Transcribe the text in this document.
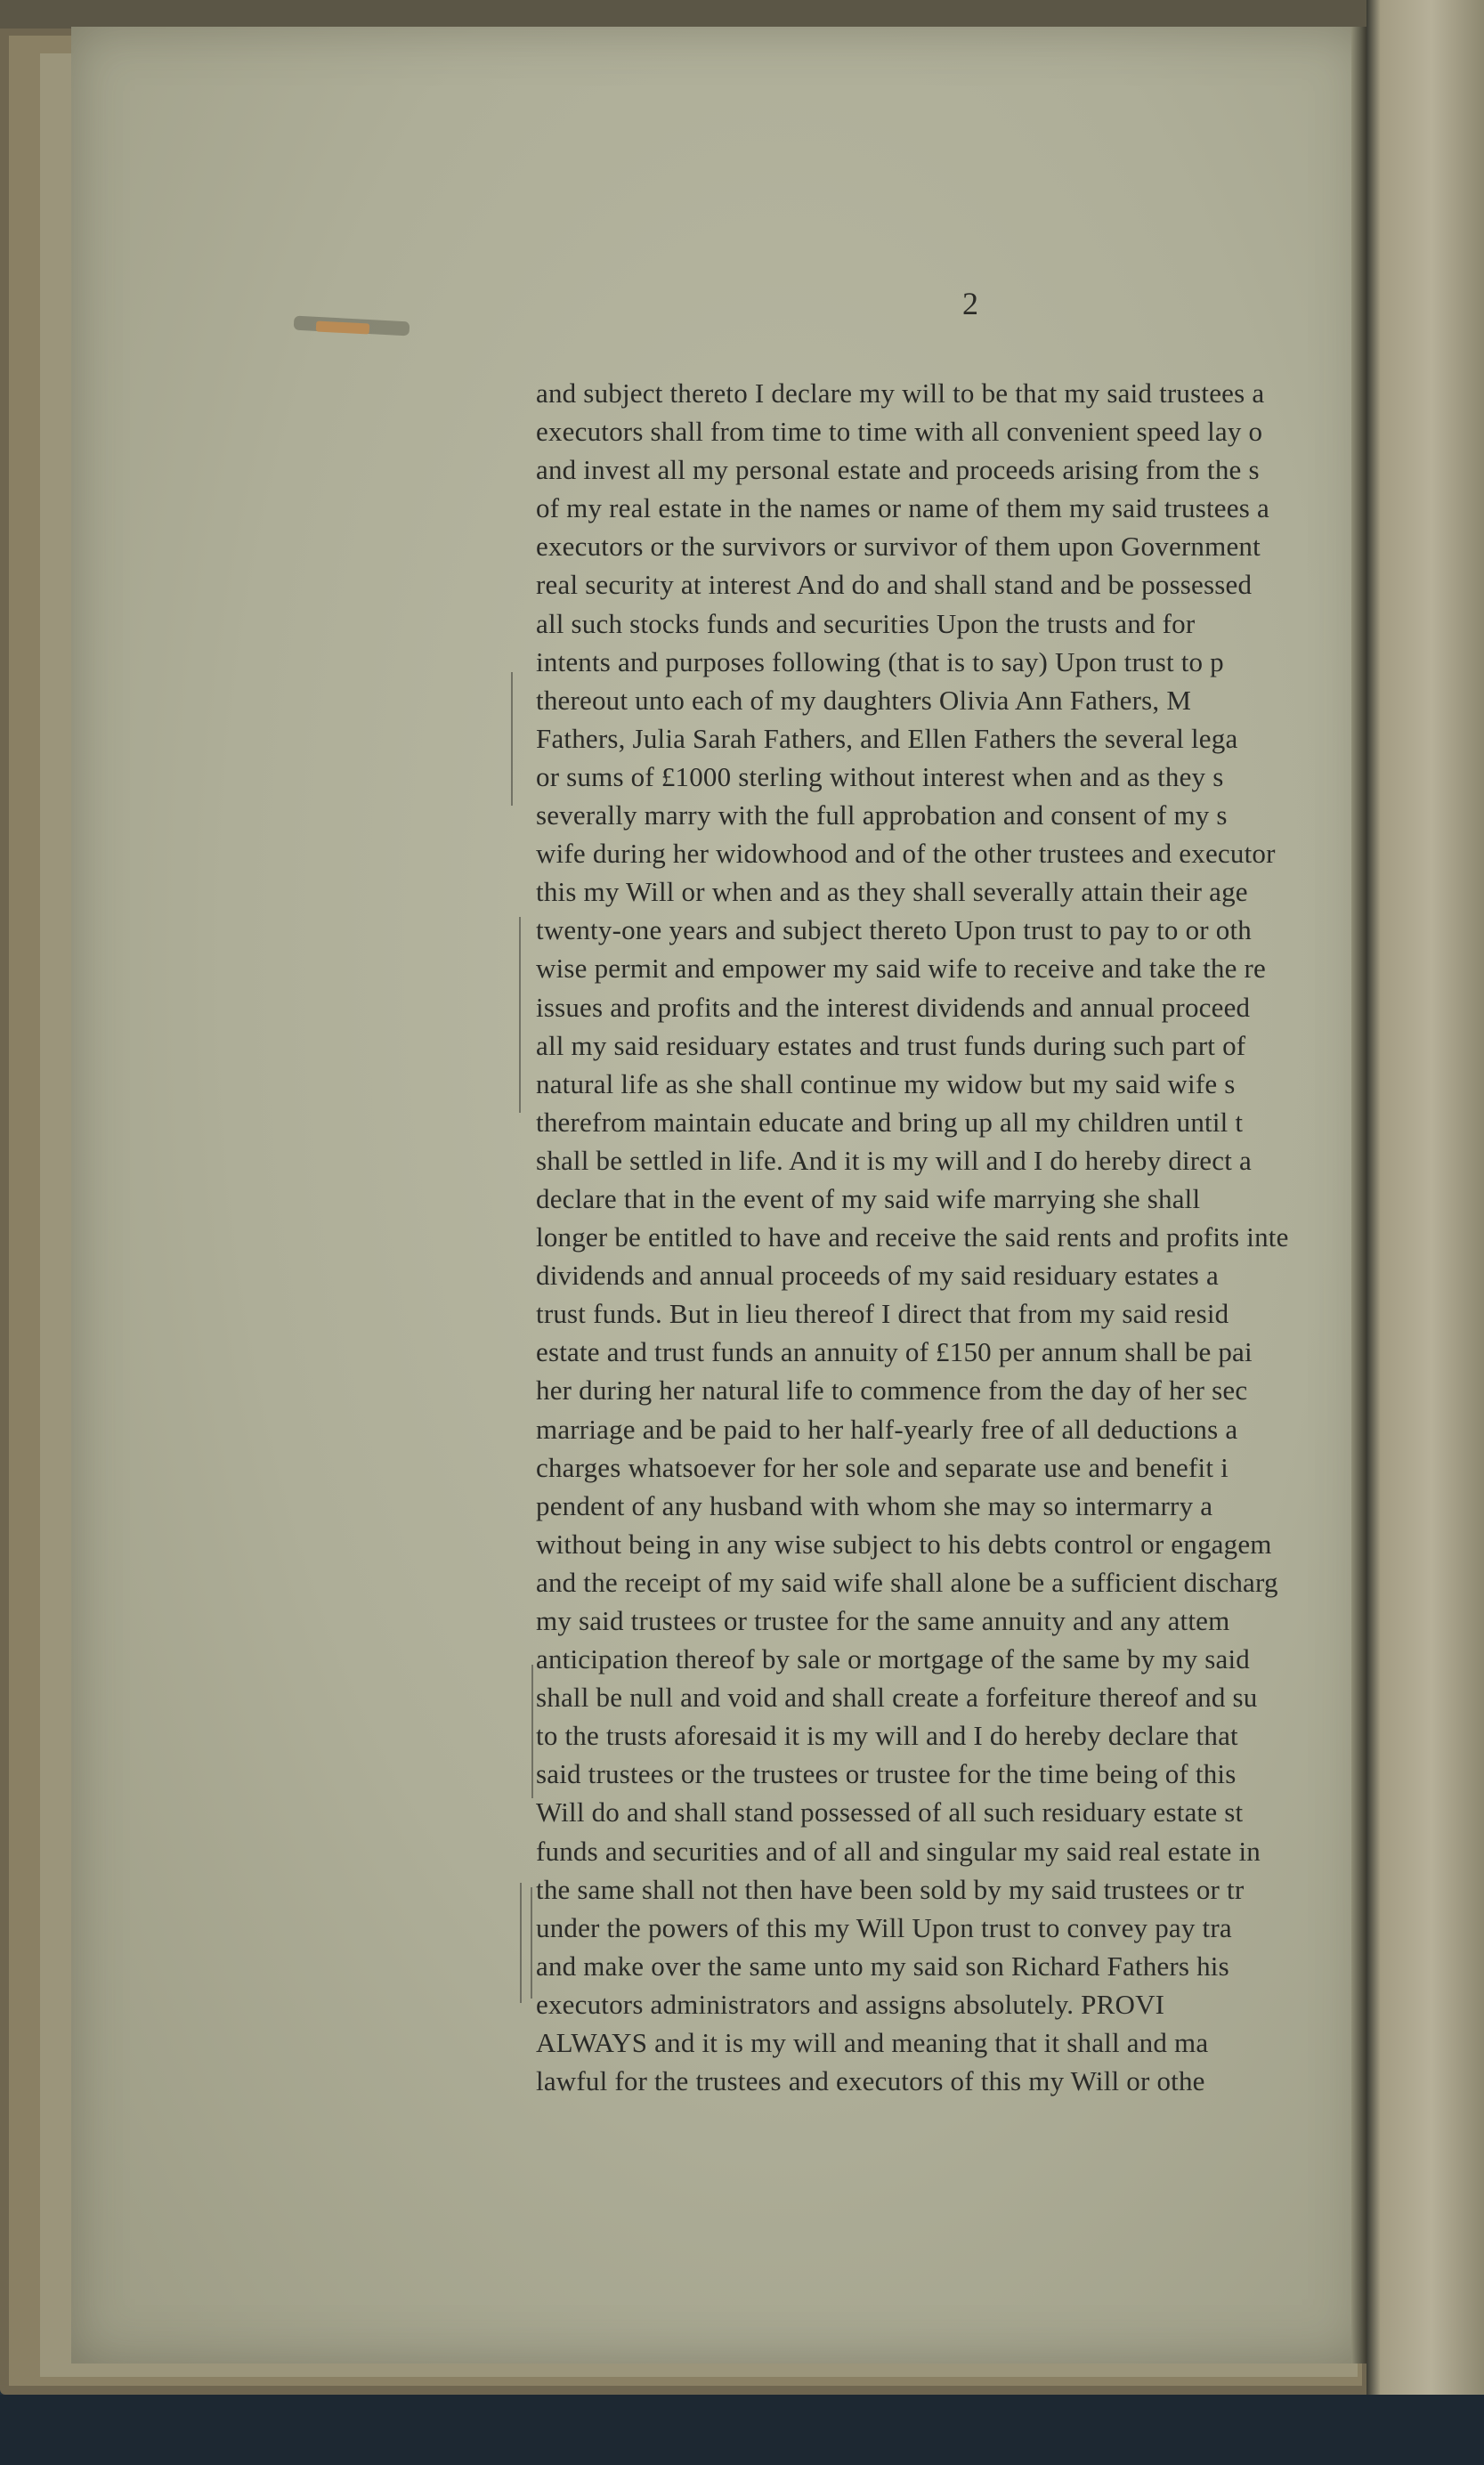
2
and subject thereto I declare my will to be that my said trustees a
executors shall from time to time with all convenient speed lay o
and invest all my personal estate and proceeds arising from the s
of my real estate in the names or name of them my said trustees a
executors or the survivors or survivor of them upon Government
real security at interest And do and shall stand and be possessed
all such stocks funds and securities Upon the trusts and for
intents and purposes following (that is to say) Upon trust to p
thereout unto each of my daughters Olivia Ann Fathers, M
Fathers, Julia Sarah Fathers, and Ellen Fathers the several lega
or sums of £1000 sterling without interest when and as they s
severally marry with the full approbation and consent of my s
wife during her widowhood and of the other trustees and executor
this my Will or when and as they shall severally attain their age
twenty-one years and subject thereto Upon trust to pay to or oth
wise permit and empower my said wife to receive and take the re
issues and profits and the interest dividends and annual proceed
all my said residuary estates and trust funds during such part of
natural life as she shall continue my widow but my said wife s
therefrom maintain educate and bring up all my children until t
shall be settled in life. And it is my will and I do hereby direct a
declare that in the event of my said wife marrying she shall
longer be entitled to have and receive the said rents and profits inte
dividends and annual proceeds of my said residuary estates a
trust funds. But in lieu thereof I direct that from my said resid
estate and trust funds an annuity of £150 per annum shall be pai
her during her natural life to commence from the day of her sec
marriage and be paid to her half-yearly free of all deductions a
charges whatsoever for her sole and separate use and benefit i
pendent of any husband with whom she may so intermarry a
without being in any wise subject to his debts control or engagem
and the receipt of my said wife shall alone be a sufficient discharg
my said trustees or trustee for the same annuity and any attem
anticipation thereof by sale or mortgage of the same by my said
shall be null and void and shall create a forfeiture thereof and su
to the trusts aforesaid it is my will and I do hereby declare that
said trustees or the trustees or trustee for the time being of this
Will do and shall stand possessed of all such residuary estate st
funds and securities and of all and singular my said real estate in
the same shall not then have been sold by my said trustees or tr
under the powers of this my Will Upon trust to convey pay tra
and make over the same unto my said son Richard Fathers his
executors administrators and assigns absolutely. PROVI
ALWAYS and it is my will and meaning that it shall and ma
lawful for the trustees and executors of this my Will or othe
